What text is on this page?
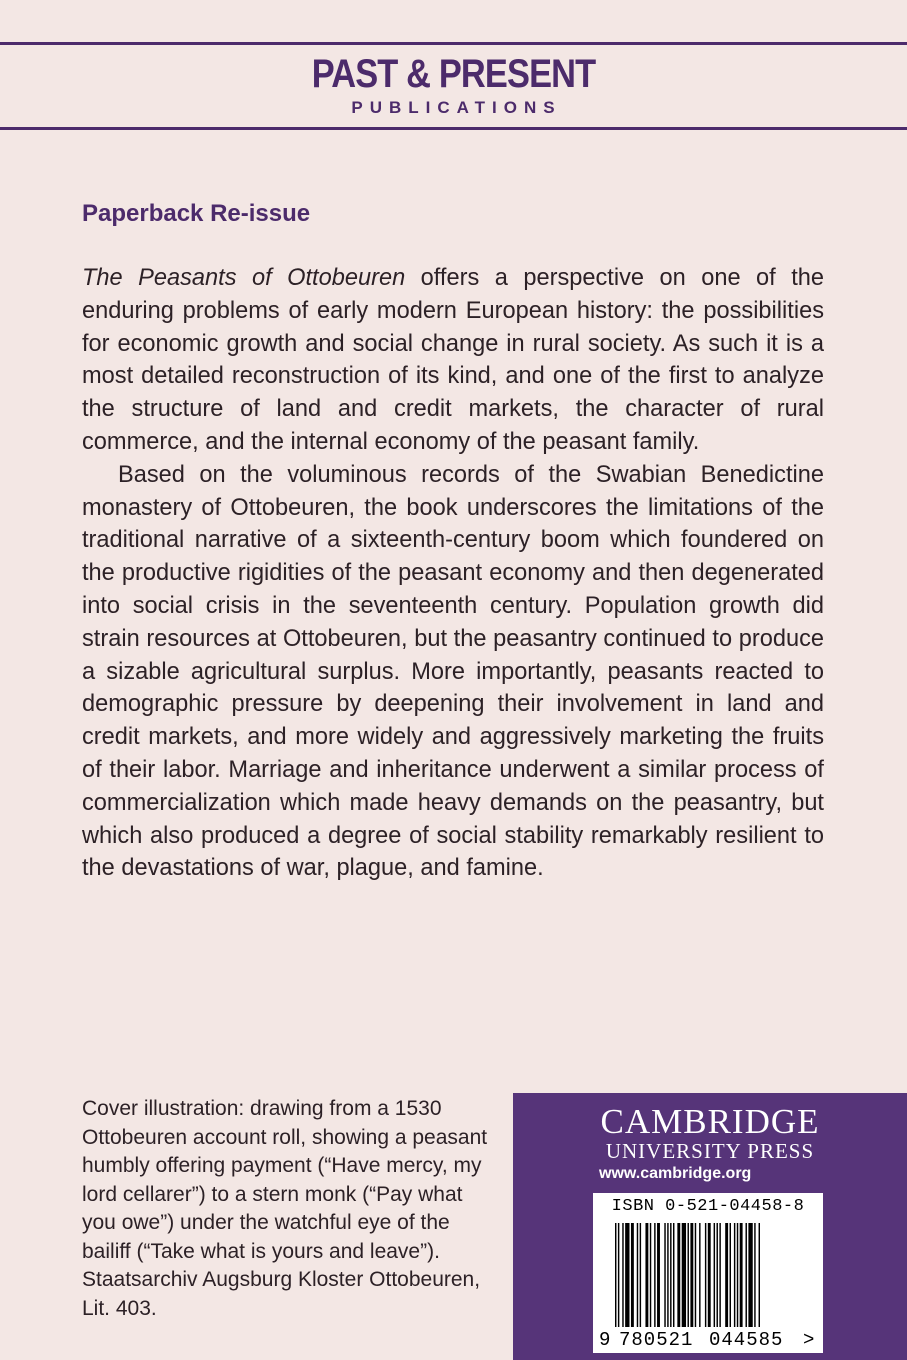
PAST & PRESENT
PUBLICATIONS
Paperback Re-issue

The Peasants of Ottobeuren offers a perspective on one of the enduring problems of early modern European history: the possibilities for economic growth and social change in rural society. As such it is a most detailed reconstruction of its kind, and one of the first to analyze the structure of land and credit markets, the character of rural commerce, and the internal economy of the peasant family.

Based on the voluminous records of the Swabian Benedictine monastery of Ottobeuren, the book underscores the limitations of the traditional narrative of a sixteenth-century boom which foundered on the productive rigidities of the peasant economy and then degenerated into social crisis in the seventeenth century. Population growth did strain resources at Ottobeuren, but the peasantry continued to produce a sizable agricultural surplus. More importantly, peasants reacted to demographic pressure by deepening their involvement in land and credit markets, and more widely and aggressively marketing the fruits of their labor. Marriage and inheritance underwent a similar process of commercialization which made heavy demands on the peasantry, but which also produced a degree of social stability remarkably resilient to the devastations of war, plague, and famine.

Cover illustration: drawing from a 1530 Ottobeuren account roll, showing a peasant humbly offering payment (“Have mercy, my lord cellarer”) to a stern monk (“Pay what you owe”) under the watchful eye of the bailiff (“Take what is yours and leave”). Staatsarchiv Augsburg Kloster Ottobeuren, Lit. 403.
CAMBRIDGE
UNIVERSITY PRESS
www.cambridge.org
ISBN 0-521-04458-8
9 780521 044585 >
